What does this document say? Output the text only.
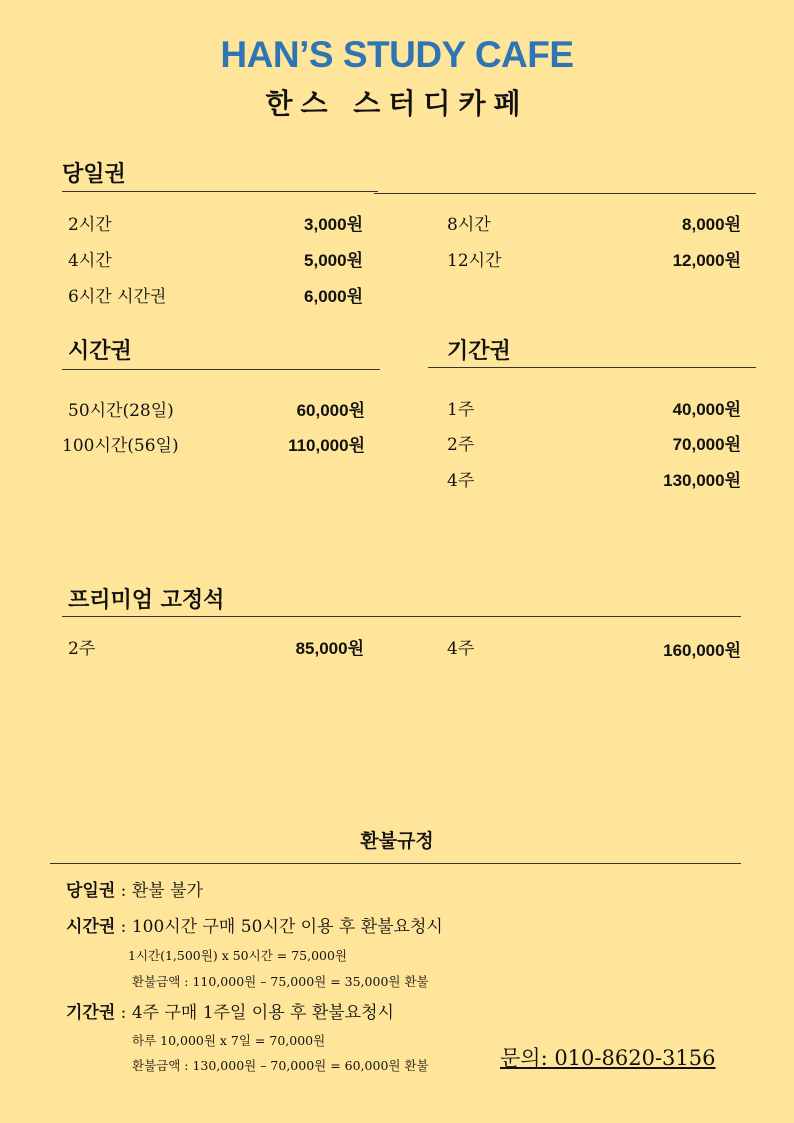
HAN’S STUDY CAFE
한스 스터디카페
당일권
2시간	3,000원
4시간	5,000원
6시간 시간권	6,000원
8시간	8,000원
12시간	12,000원
시간권
50시간(28일)	60,000원
100시간(56일)	110,000원
기간권
1주	40,000원
2주	70,000원
4주	130,000원
프리미엄 고정석
2주	85,000원	4주	160,000원
환불규정
당일권 : 환불 불가
시간권 : 100시간 구매 50시간 이용 후 환불요청시
1시간(1,500원) x 50시간 = 75,000원
환불금액 : 110,000원 – 75,000원 = 35,000원 환불
기간권 : 4주 구매 1주일 이용 후 환불요청시
하루 10,000원 x 7일 = 70,000원
환불금액 : 130,000원 – 70,000원 = 60,000원 환불	문의: 010-8620-3156
